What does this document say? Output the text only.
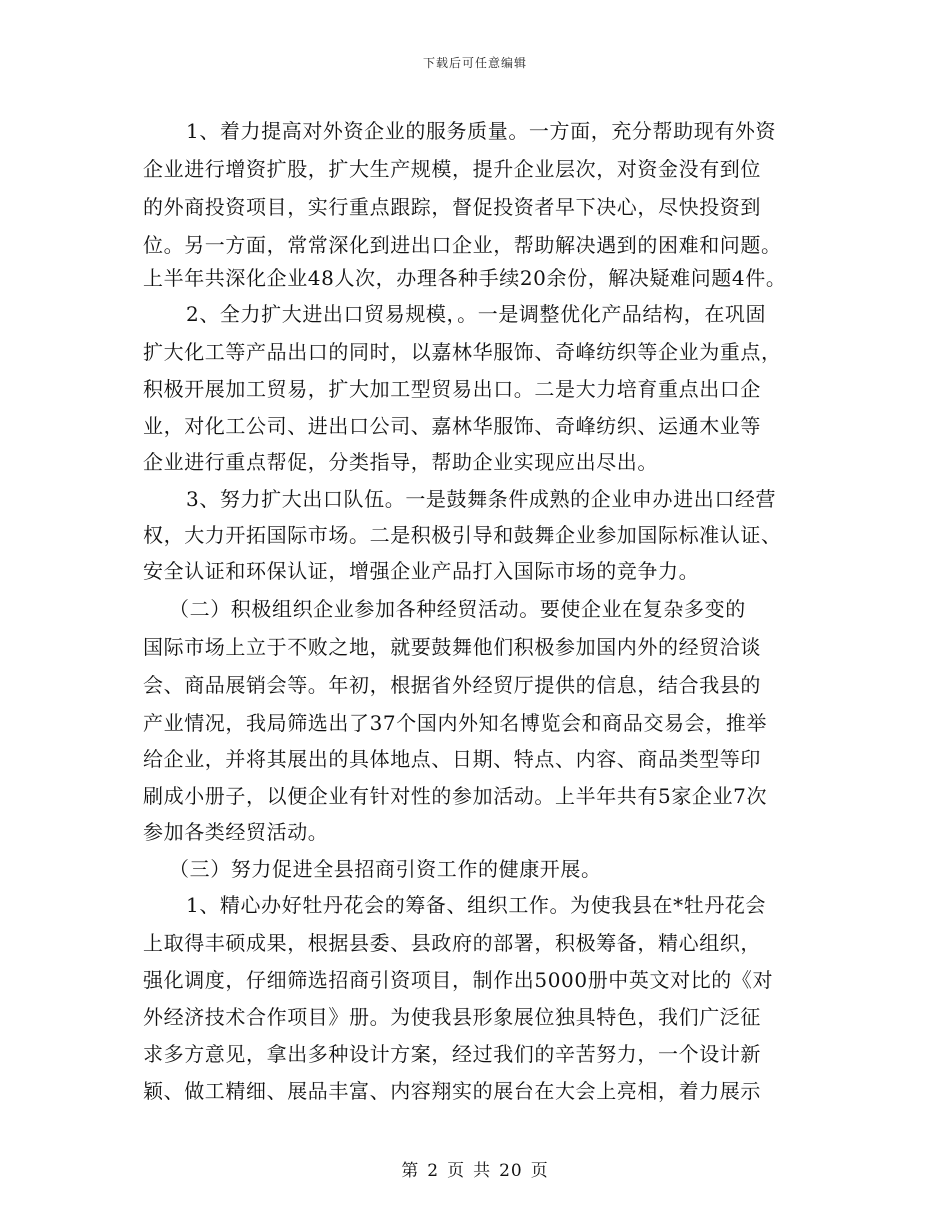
下载后可任意编辑
1、着力提高对外资企业的服务质量。一方面，充分帮助现有外资
企业进行增资扩股，扩大生产规模，提升企业层次，对资金没有到位
的外商投资项目，实行重点跟踪，督促投资者早下决心，尽快投资到
位。另一方面，常常深化到进出口企业，帮助解决遇到的困难和问题。
上半年共深化企业48人次，办理各种手续20余份，解决疑难问题4件。
2、全力扩大进出口贸易规模，。一是调整优化产品结构，在巩固
扩大化工等产品出口的同时，以嘉林华服饰、奇峰纺织等企业为重点，
积极开展加工贸易，扩大加工型贸易出口。二是大力培育重点出口企
业，对化工公司、进出口公司、嘉林华服饰、奇峰纺织、运通木业等
企业进行重点帮促，分类指导，帮助企业实现应出尽出。
3、努力扩大出口队伍。一是鼓舞条件成熟的企业申办进出口经营
权，大力开拓国际市场。二是积极引导和鼓舞企业参加国际标准认证、
安全认证和环保认证，增强企业产品打入国际市场的竞争力。
（二）积极组织企业参加各种经贸活动。要使企业在复杂多变的
国际市场上立于不败之地，就要鼓舞他们积极参加国内外的经贸洽谈
会、商品展销会等。年初，根据省外经贸厅提供的信息，结合我县的
产业情况，我局筛选出了37个国内外知名博览会和商品交易会，推举
给企业，并将其展出的具体地点、日期、特点、内容、商品类型等印
刷成小册子，以便企业有针对性的参加活动。上半年共有5家企业7次
参加各类经贸活动。
（三）努力促进全县招商引资工作的健康开展。
1、精心办好牡丹花会的筹备、组织工作。为使我县在*牡丹花会
上取得丰硕成果，根据县委、县政府的部署，积极筹备，精心组织，
强化调度，仔细筛选招商引资项目，制作出5000册中英文对比的《对
外经济技术合作项目》册。为使我县形象展位独具特色，我们广泛征
求多方意见，拿出多种设计方案，经过我们的辛苦努力，一个设计新
颖、做工精细、展品丰富、内容翔实的展台在大会上亮相，着力展示
第 2 页 共 20 页
